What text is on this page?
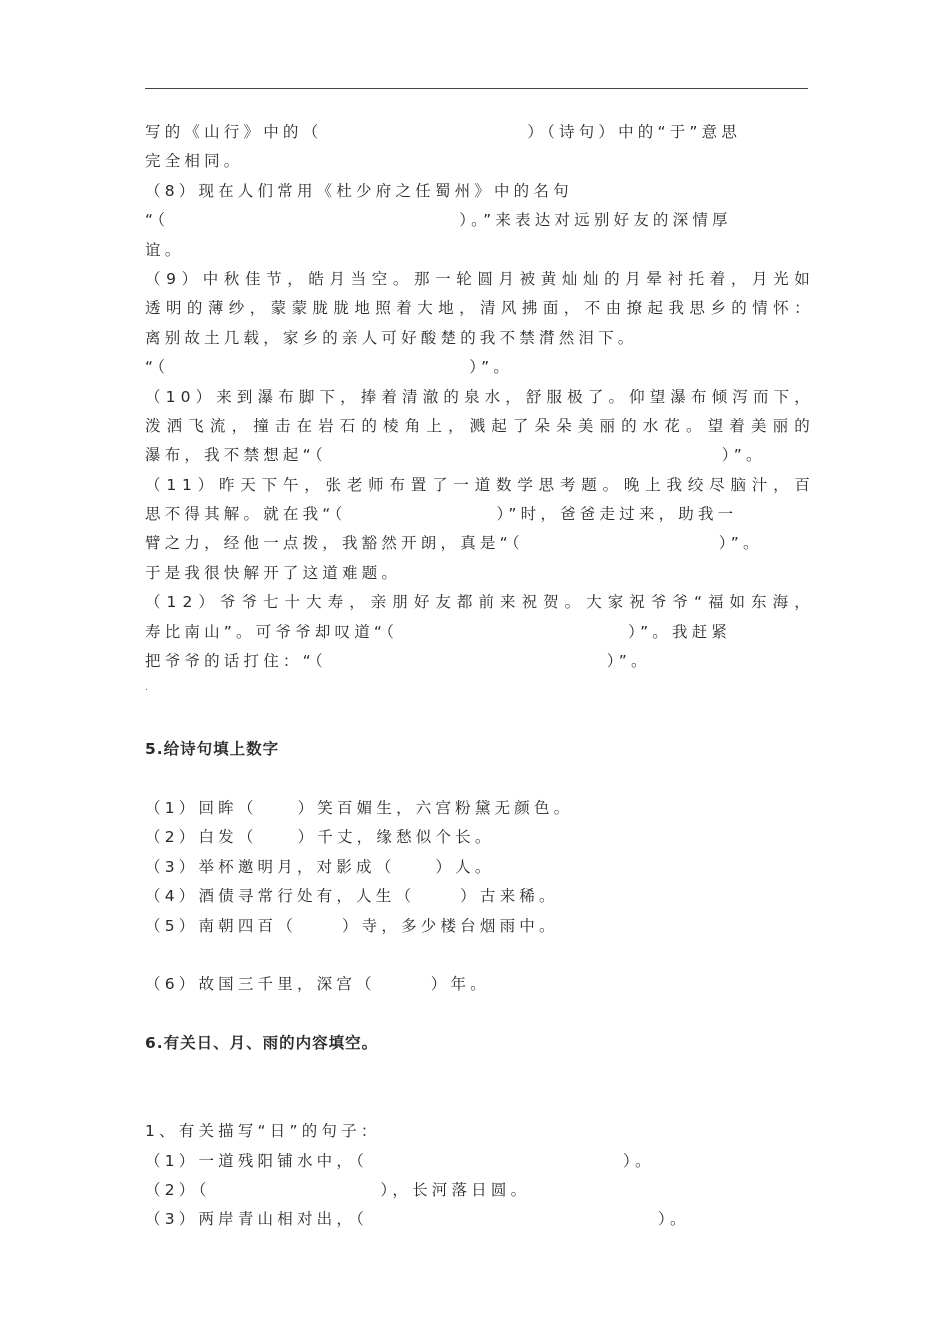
写的《山行》中的（	）（诗句）中的“于”意思
完全相同。
（8）现在人们常用《杜少府之任蜀州》中的名句
“（	）。”来表达对远别好友的深情厚
谊。
（ 9 ） 中 秋 佳 节 ， 皓 月 当 空 。 那 一 轮 圆 月 被 黄 灿 灿 的 月 晕 衬 托 着 ， 月 光 如
透 明 的 薄 纱 ， 蒙 蒙 胧 胧 地 照 着 大 地 ， 清 风 拂 面 ， 不 由 撩 起 我 思 乡 的 情 怀 ：
离别故土几载，家乡的亲人可好酸楚的我不禁潸然泪下。
“（	）”。
（ 1 0 ） 来 到 瀑 布 脚 下 ， 捧 着 清 澈 的 泉 水 ， 舒 服 极 了 。 仰 望 瀑 布 倾 泻 而 下 ，
泼 洒 飞 流 ， 撞 击 在 岩 石 的 棱 角 上 ， 溅 起 了 朵 朵 美 丽 的 水 花 。 望 着 美 丽 的
瀑布，我不禁想起“（	）”。
（ 1 1 ） 昨 天 下 午 ， 张 老 师 布 置 了 一 道 数 学 思 考 题 。 晚 上 我 绞 尽 脑 汁 ， 百
思不得其解。就在我“（	）”时，爸爸走过来，助我一
臂之力，经他一点拨，我豁然开朗，真是“（	）”。
于是我很快解开了这道难题。
（ 1 2 ） 爷 爷 七 十 大 寿 ， 亲 朋 好 友 都 前 来 祝 贺 。 大 家 祝 爷 爷 “ 福 如 东 海 ，
寿比南山”。可爷爷却叹道“（	）”。我赶紧
把爷爷的话打住：“（	）”。
·
5.给诗句填上数字
（1）回眸（	）笑百媚生，六宫粉黛无颜色。
（2）白发（	）千丈，缘愁似个长。
（3）举杯邀明月，对影成（	）人。
（4）酒债寻常行处有，人生（	）古来稀。
（5）南朝四百（	）寺，多少楼台烟雨中。
（6）故国三千里，深宫（	）年。
6.有关日、月、雨的内容填空。
1、有关描写“日”的句子：
（1）一道残阳铺水中，（	）。
（2）（	），长河落日圆。
（3）两岸青山相对出，（	）。
